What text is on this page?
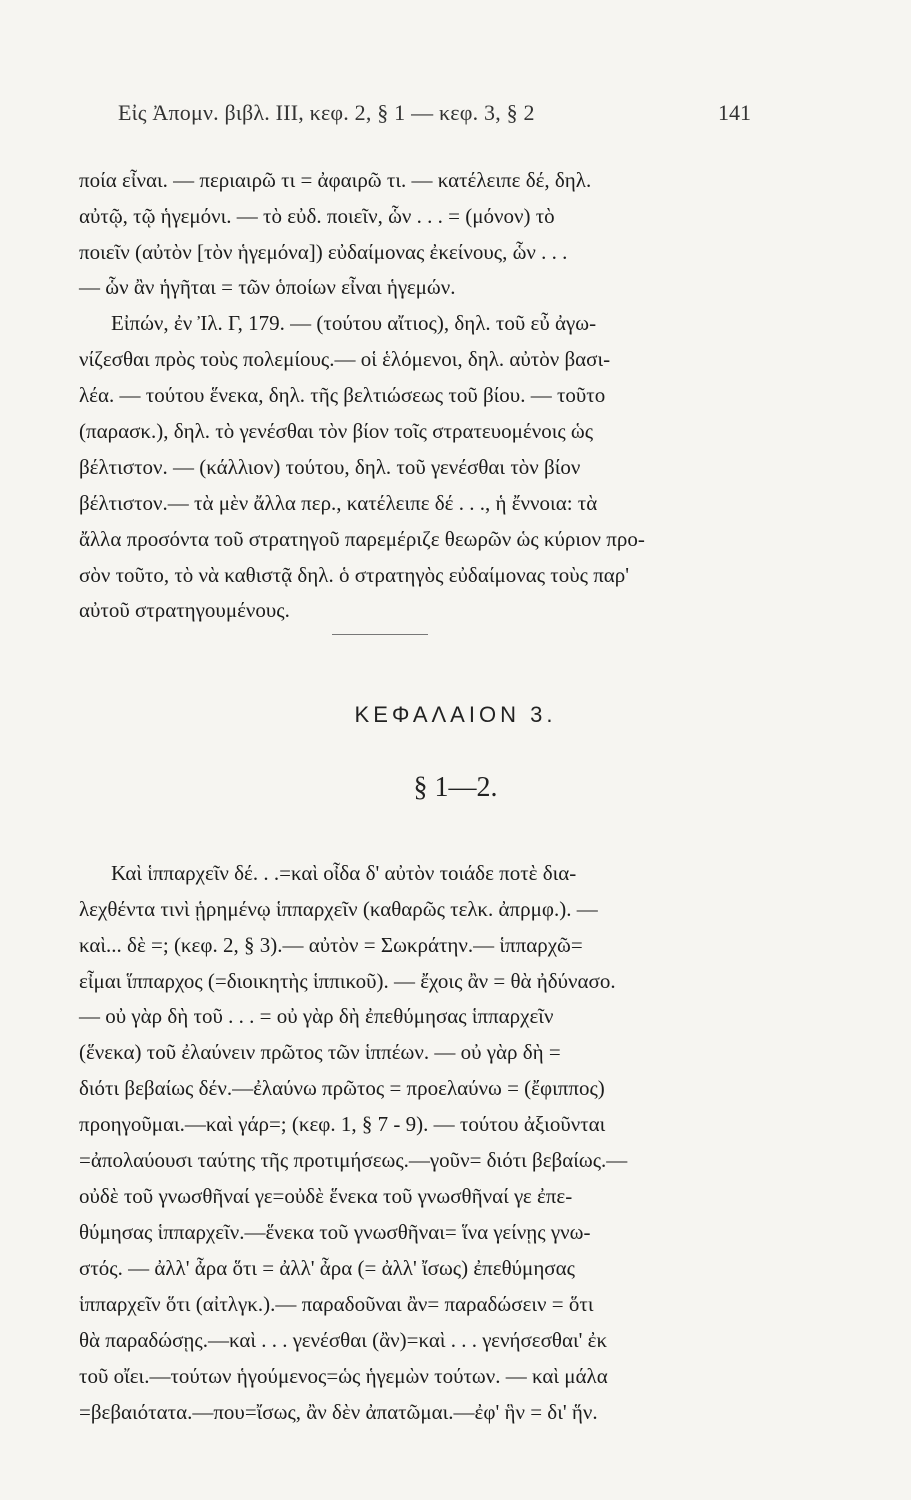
Εἰς Ἀπομν. βιβλ. III, κεφ. 2, § 1 — κεφ. 3, § 2	141
ποία εἶναι. — περιαιρῶ τι = ἀφαιρῶ τι. — κατέλειπε δέ, δηλ.
αὐτῷ, τῷ ἡγεμόνι. — τὸ εὐδ. ποιεῖν, ὧν . . . = (μόνον) τὸ
ποιεῖν (αὐτὸν [τὸν ἡγεμόνα]) εὐδαίμονας ἐκείνους, ὧν . . .
— ὧν ἂν ἡγῆται = τῶν ὁποίων εἶναι ἡγεμών.
Εἰπών, ἐν Ἰλ. Γ, 179. — (τούτου αἴτιος), δηλ. τοῦ εὖ ἀγω-
νίζεσθαι πρὸς τοὺς πολεμίους.— οἱ ἑλόμενοι, δηλ. αὐτὸν βασι-
λέα. — τούτου ἕνεκα, δηλ. τῆς βελτιώσεως τοῦ βίου. — τοῦτο
(παρασκ.), δηλ. τὸ γενέσθαι τὸν βίον τοῖς στρατευομένοις ὡς
βέλτιστον. — (κάλλιον) τούτου, δηλ. τοῦ γενέσθαι τὸν βίον
βέλτιστον.— τὰ μὲν ἄλλα περ., κατέλειπε δέ . . ., ἡ ἔννοια: τὰ
ἄλλα προσόντα τοῦ στρατηγοῦ παρεμέριζε θεωρῶν ὡς κύριον προ-
σὸν τοῦτο, τὸ νὰ καθιστᾷ δηλ. ὁ στρατηγὸς εὐδαίμονας τοὺς παρ'
αὐτοῦ στρατηγουμένους.
ΚΕΦΑΛΑΙΟΝ 3.
§ 1—2.
Καὶ ἱππαρχεῖν δέ. . .=καὶ οἶδα δ' αὐτὸν τοιάδε ποτὲ δια-
λεχθέντα τινὶ ᾑρημένῳ ἱππαρχεῖν (καθαρῶς τελκ. ἀπρμφ.). —
καὶ... δὲ =; (κεφ. 2, § 3).— αὐτὸν = Σωκράτην.— ἱππαρχῶ=
εἶμαι ἵππαρχος (=διοικητὴς ἱππικοῦ). — ἔχοις ἂν = θὰ ἠδύνασο.
— οὐ γὰρ δὴ τοῦ . . . = οὐ γὰρ δὴ ἐπεθύμησας ἱππαρχεῖν
(ἕνεκα) τοῦ ἐλαύνειν πρῶτος τῶν ἱππέων. — οὐ γὰρ δὴ =
διότι βεβαίως δέν.—ἐλαύνω πρῶτος = προελαύνω = (ἔφιππος)
προηγοῦμαι.—καὶ γάρ=; (κεφ. 1, § 7 - 9). — τούτου ἀξιοῦνται
=ἀπολαύουσι ταύτης τῆς προτιμήσεως.—γοῦν= διότι βεβαίως.—
οὐδὲ τοῦ γνωσθῆναί γε=οὐδὲ ἕνεκα τοῦ γνωσθῆναί γε ἐπε-
θύμησας ἱππαρχεῖν.—ἕνεκα τοῦ γνωσθῆναι= ἵνα γείνῃς γνω-
στός. — ἀλλ' ἆρα ὅτι = ἀλλ' ἆρα (= ἀλλ' ἴσως) ἐπεθύμησας
ἱππαρχεῖν ὅτι (αἰτλγκ.).— παραδοῦναι ἂν= παραδώσειν = ὅτι
θὰ παραδώσῃς.—καὶ . . . γενέσθαι (ἂν)=καὶ . . . γενήσεσθαι' ἐκ
τοῦ οἴει.—τούτων ἡγούμενος=ὡς ἡγεμὼν τούτων. — καὶ μάλα
=βεβαιότατα.—που=ἴσως, ἂν δὲν ἀπατῶμαι.—ἐφ' ἣν = δι' ἥν.
